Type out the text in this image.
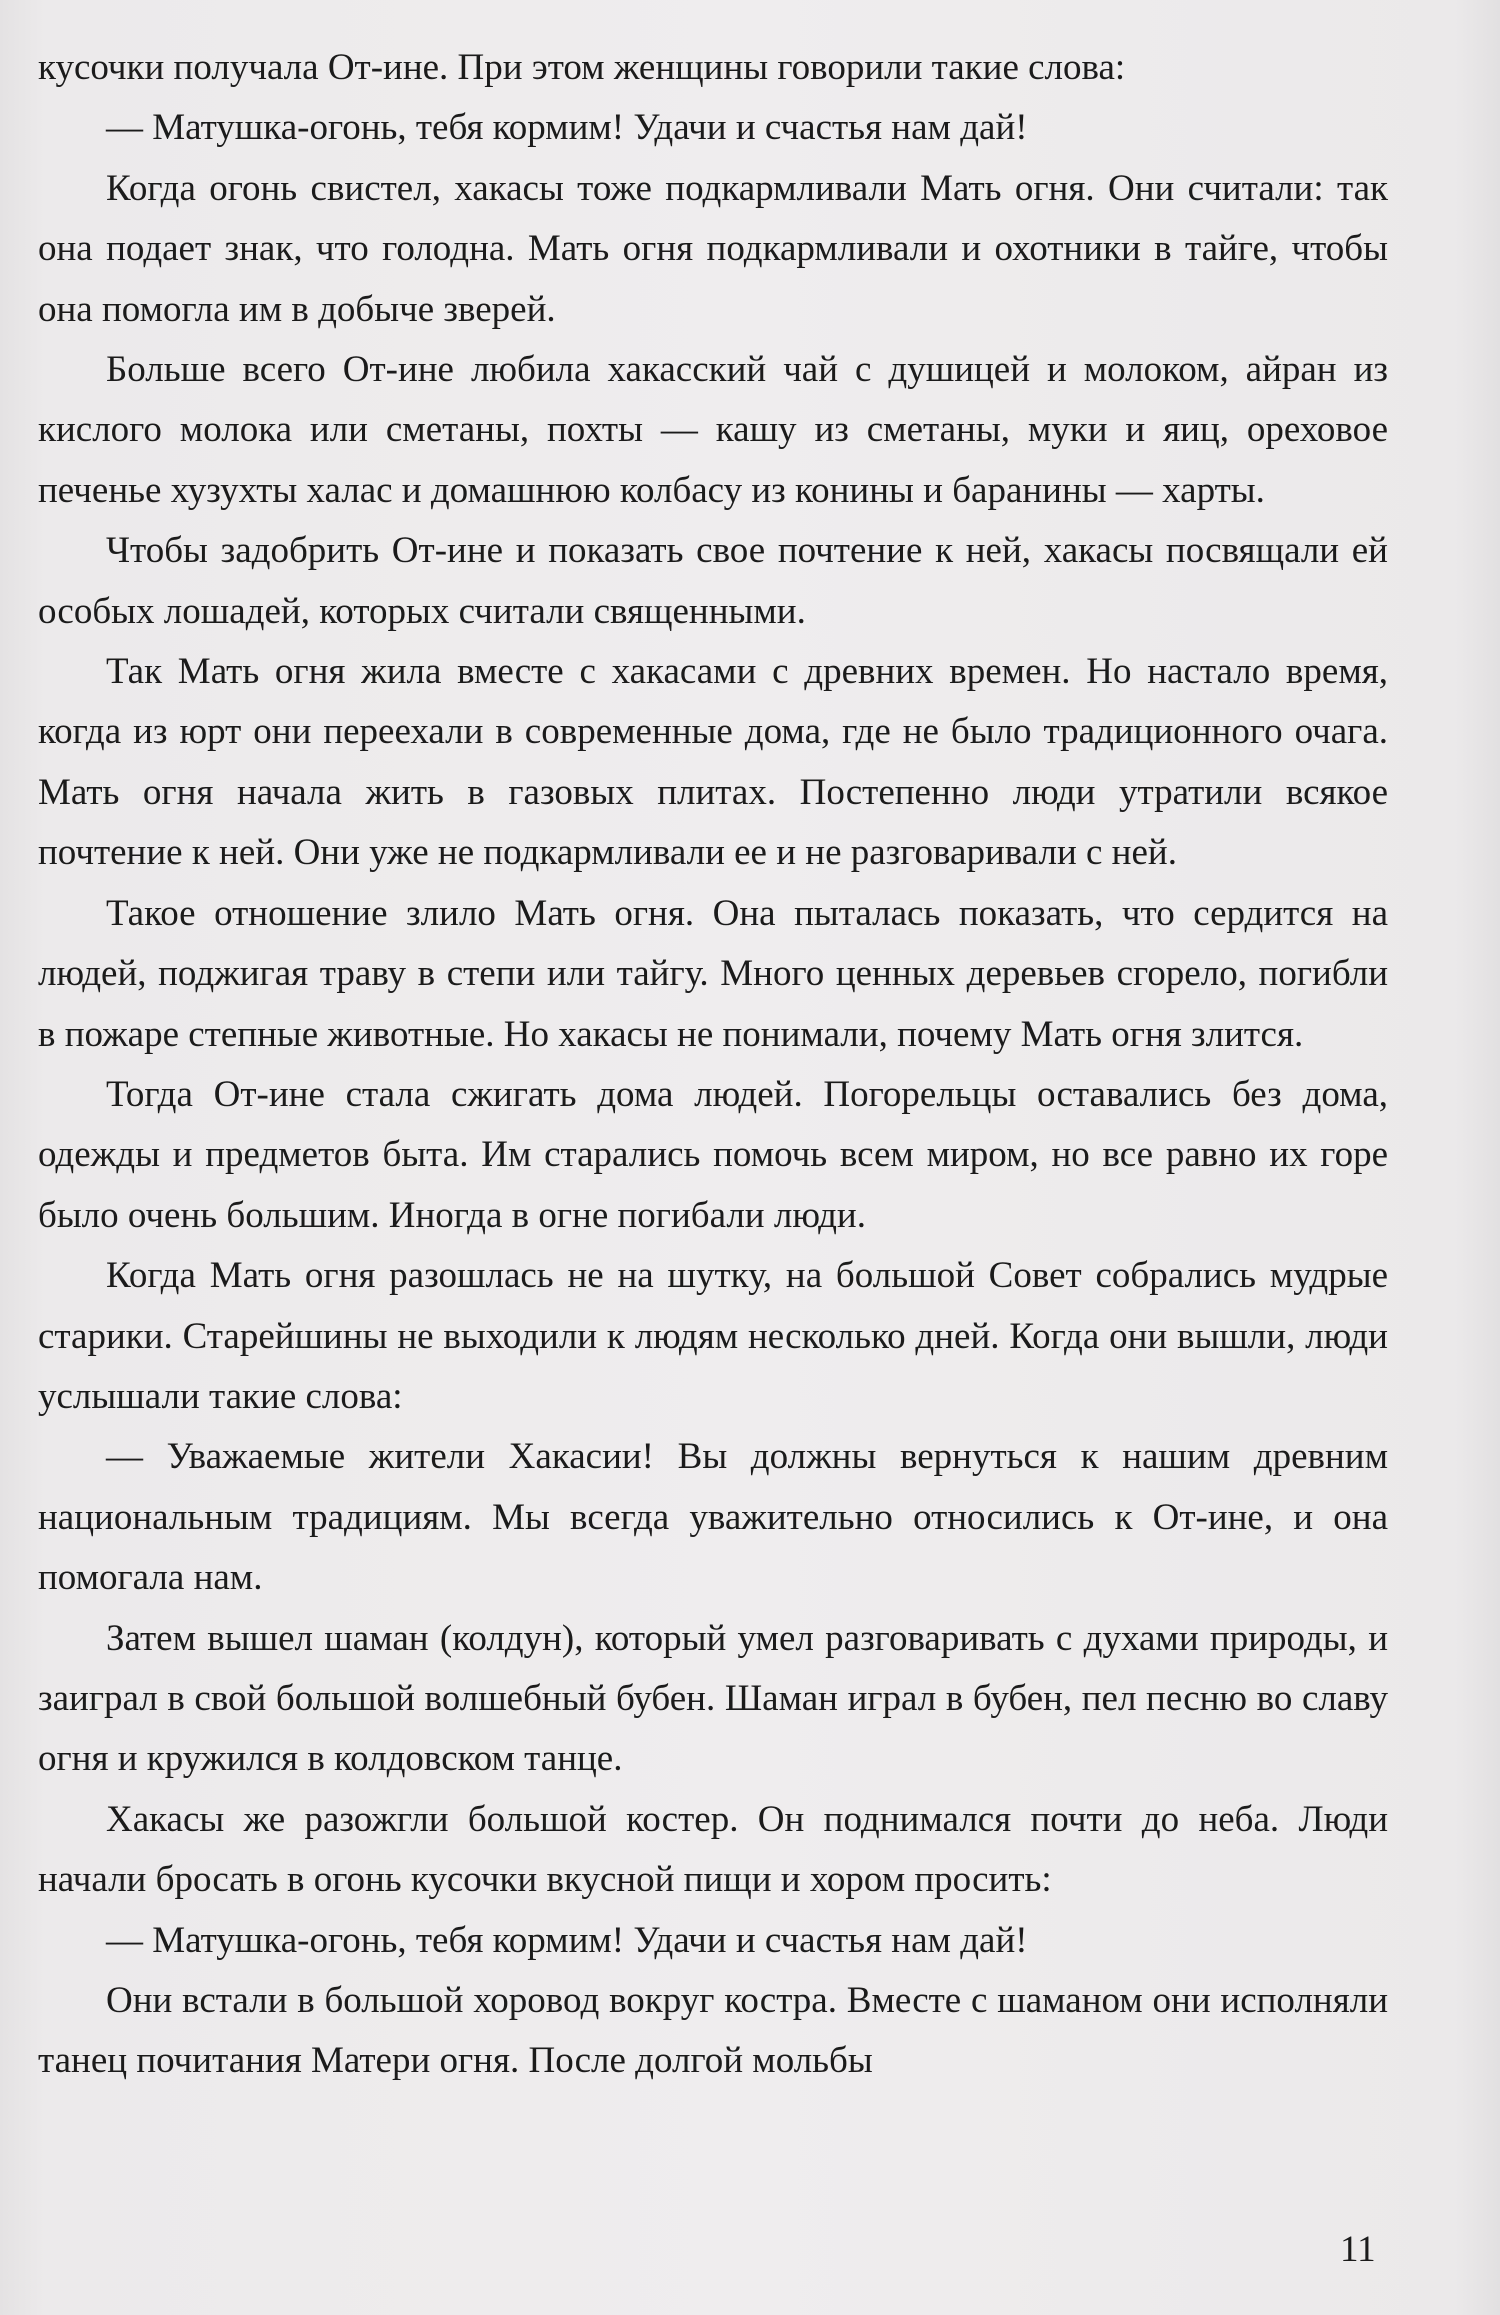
кусочки получала От-ине. При этом женщины говорили такие слова:

— Матушка-огонь, тебя кормим! Удачи и счастья нам дай!

Когда огонь свистел, хакасы тоже подкармливали Мать огня. Они считали: так она подает знак, что голодна. Мать огня подкармливали и охотники в тайге, чтобы она помогла им в добыче зверей.

Больше всего От-ине любила хакасский чай с душицей и молоком, айран из кислого молока или сметаны, похты — кашу из сметаны, муки и яиц, ореховое печенье хузухты халас и домашнюю колбасу из конины и баранины — харты.

Чтобы задобрить От-ине и показать свое почтение к ней, хакасы посвящали ей особых лошадей, которых считали священными.

Так Мать огня жила вместе с хакасами с древних времен. Но настало время, когда из юрт они переехали в современные дома, где не было традиционного очага. Мать огня начала жить в газовых плитах. Постепенно люди утратили всякое почтение к ней. Они уже не подкармливали ее и не разговаривали с ней.

Такое отношение злило Мать огня. Она пыталась показать, что сердится на людей, поджигая траву в степи или тайгу. Много ценных деревьев сгорело, погибли в пожаре степные животные. Но хакасы не понимали, почему Мать огня злится.

Тогда От-ине стала сжигать дома людей. Погорельцы оставались без дома, одежды и предметов быта. Им старались помочь всем миром, но все равно их горе было очень большим. Иногда в огне погибали люди.

Когда Мать огня разошлась не на шутку, на большой Совет собрались мудрые старики. Старейшины не выходили к людям несколько дней. Когда они вышли, люди услышали такие слова:

— Уважаемые жители Хакасии! Вы должны вернуться к нашим древним национальным традициям. Мы всегда уважительно относились к От-ине, и она помогала нам.

Затем вышел шаман (колдун), который умел разговаривать с духами природы, и заиграл в свой большой волшебный бубен. Шаман играл в бубен, пел песню во славу огня и кружился в колдовском танце.

Хакасы же разожгли большой костер. Он поднимался почти до неба. Люди начали бросать в огонь кусочки вкусной пищи и хором просить:

— Матушка-огонь, тебя кормим! Удачи и счастья нам дай!

Они встали в большой хоровод вокруг костра. Вместе с шаманом они исполняли танец почитания Матери огня. После долгой мольбы

11
